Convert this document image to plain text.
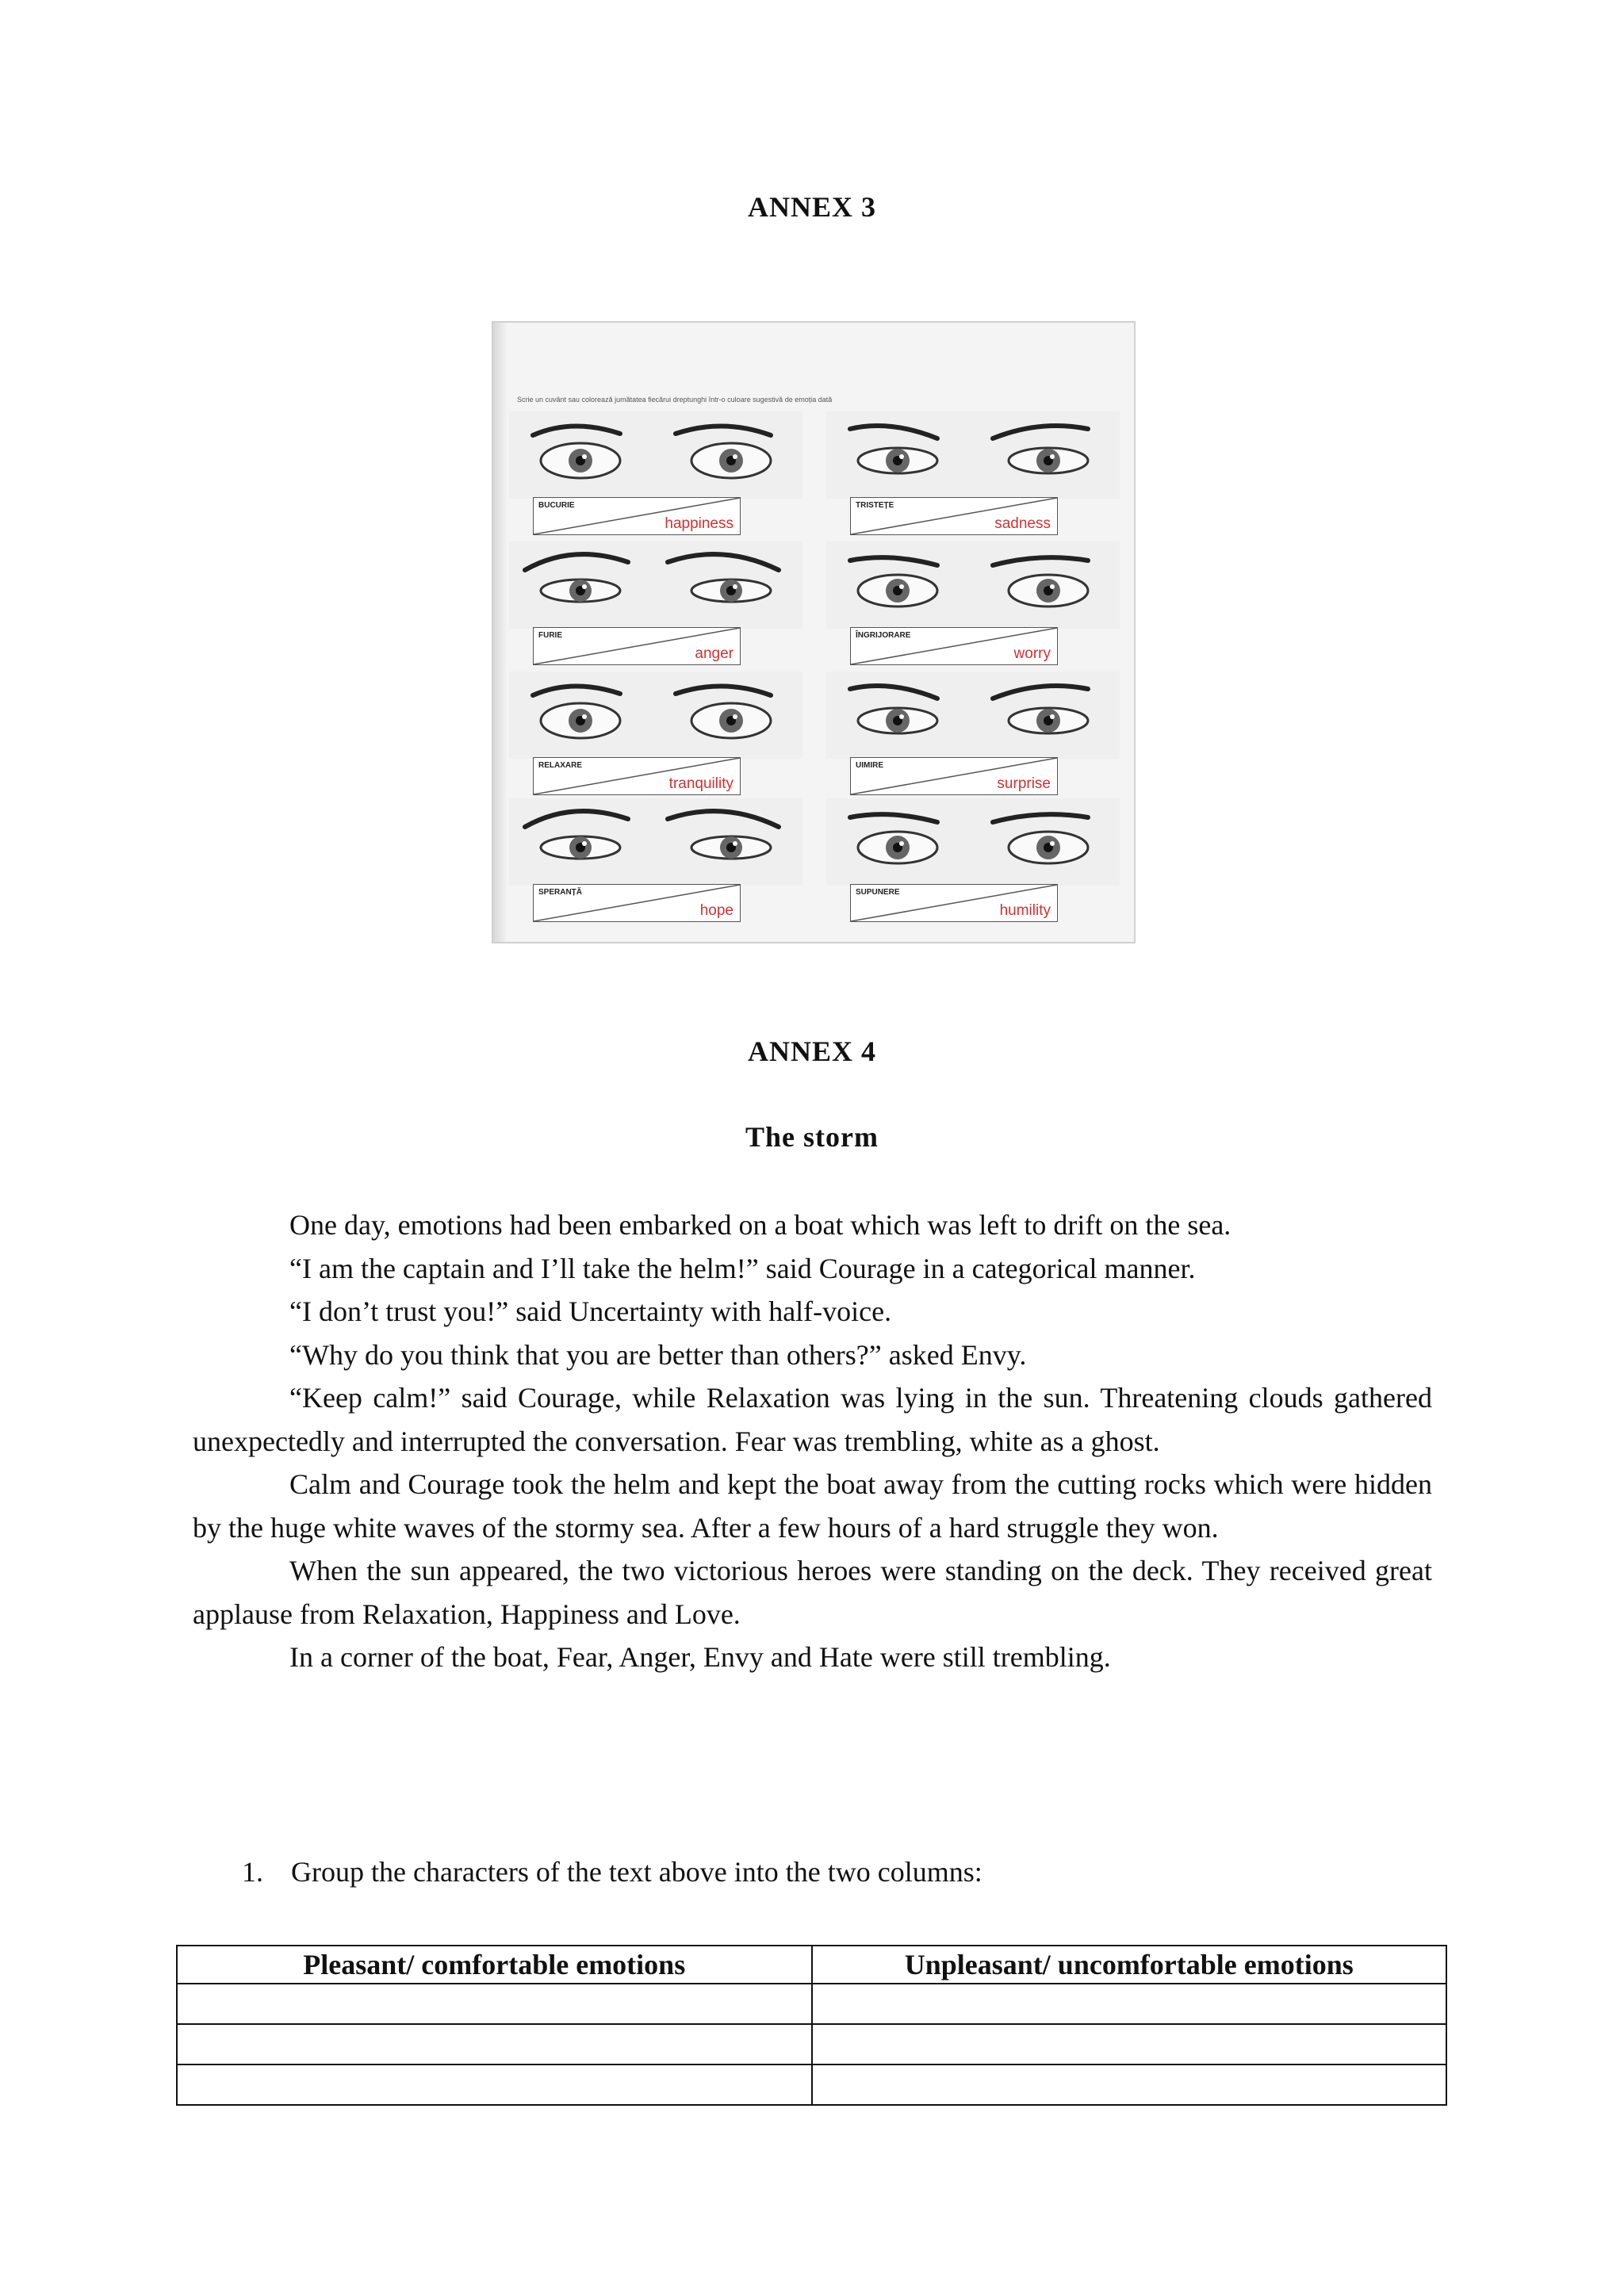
ANNEX 3
Scrie un cuvânt sau colorează jumătatea fiecărui dreptunghi într-o culoare sugestivă de emoția dată
BUCURIE
happiness
TRISTEȚE
sadness
FURIE
anger
ÎNGRIJORARE
worry
RELAXARE
tranquility
UIMIRE
surprise
SPERANȚĂ
hope
SUPUNERE
humility
ANNEX 4
The storm

One day, emotions had been embarked on a boat which was left to drift on the sea.

“I am the captain and I’ll take the helm!” said Courage in a categorical manner.

“I don’t trust you!” said Uncertainty with half-voice.

“Why do you think that you are better than others?” asked Envy.

“Keep calm!” said Courage, while Relaxation was lying in the sun. Threatening clouds gathered unexpectedly and interrupted the conversation. Fear was trembling, white as a ghost.

Calm and Courage took the helm and kept the boat away from the cutting rocks which were hidden by the huge white waves of the stormy sea. After a few hours of a hard struggle they won.

When the sun appeared, the two victorious heroes were standing on the deck. They received great applause from Relaxation, Happiness and Love.

In a corner of the boat, Fear, Anger, Envy and Hate were still trembling.

1. Group the characters of the text above into the two columns:
Pleasant/ comfortable emotions	Unpleasant/ uncomfortable emotions
